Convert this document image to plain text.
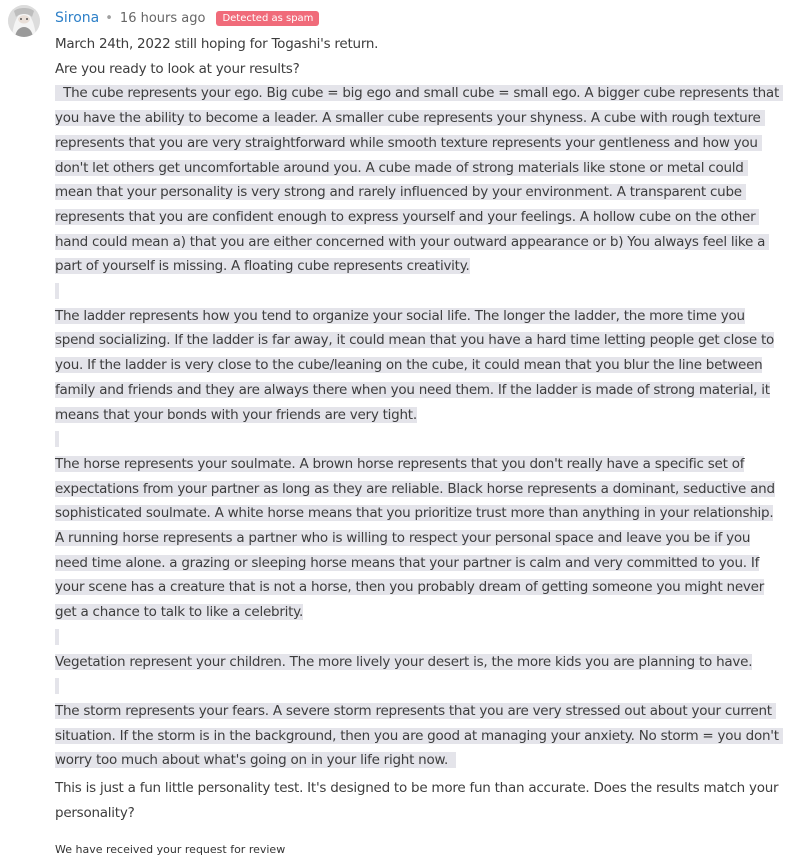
Sirona • 16 hours ago	Detected as spam

March 24th, 2022 still hoping for Togashi's return.

Are you ready to look at your results?

The cube represents your ego. Big cube = big ego and small cube = small ego. A bigger cube represents that you have the ability to become a leader. A smaller cube represents your shyness. A cube with rough texture represents that you are very straightforward while smooth texture represents your gentleness and how you don't let others get uncomfortable around you. A cube made of strong materials like stone or metal could mean that your personality is very strong and rarely influenced by your environment. A transparent cube represents that you are confident enough to express yourself and your feelings. A hollow cube on the other hand could mean a) that you are either concerned with your outward appearance or b) You always feel like a part of yourself is missing. A floating cube represents creativity.

The ladder represents how you tend to organize your social life. The longer the ladder, the more time you spend socializing. If the ladder is far away, it could mean that you have a hard time letting people get close to you. If the ladder is very close to the cube/leaning on the cube, it could mean that you blur the line between family and friends and they are always there when you need them. If the ladder is made of strong material, it means that your bonds with your friends are very tight.

The horse represents your soulmate. A brown horse represents that you don't really have a specific set of expectations from your partner as long as they are reliable. Black horse represents a dominant, seductive and sophisticated soulmate. A white horse means that you prioritize trust more than anything in your relationship. A running horse represents a partner who is willing to respect your personal space and leave you be if you need time alone. a grazing or sleeping horse means that your partner is calm and very committed to you. If your scene has a creature that is not a horse, then you probably dream of getting someone you might never get a chance to talk to like a celebrity.

Vegetation represent your children. The more lively your desert is, the more kids you are planning to have.

The storm represents your fears. A severe storm represents that you are very stressed out about your current situation. If the storm is in the background, then you are good at managing your anxiety. No storm = you don't worry too much about what's going on in your life right now.

This is just a fun little personality test. It's designed to be more fun than accurate. Does the results match your personality?

We have received your request for review
